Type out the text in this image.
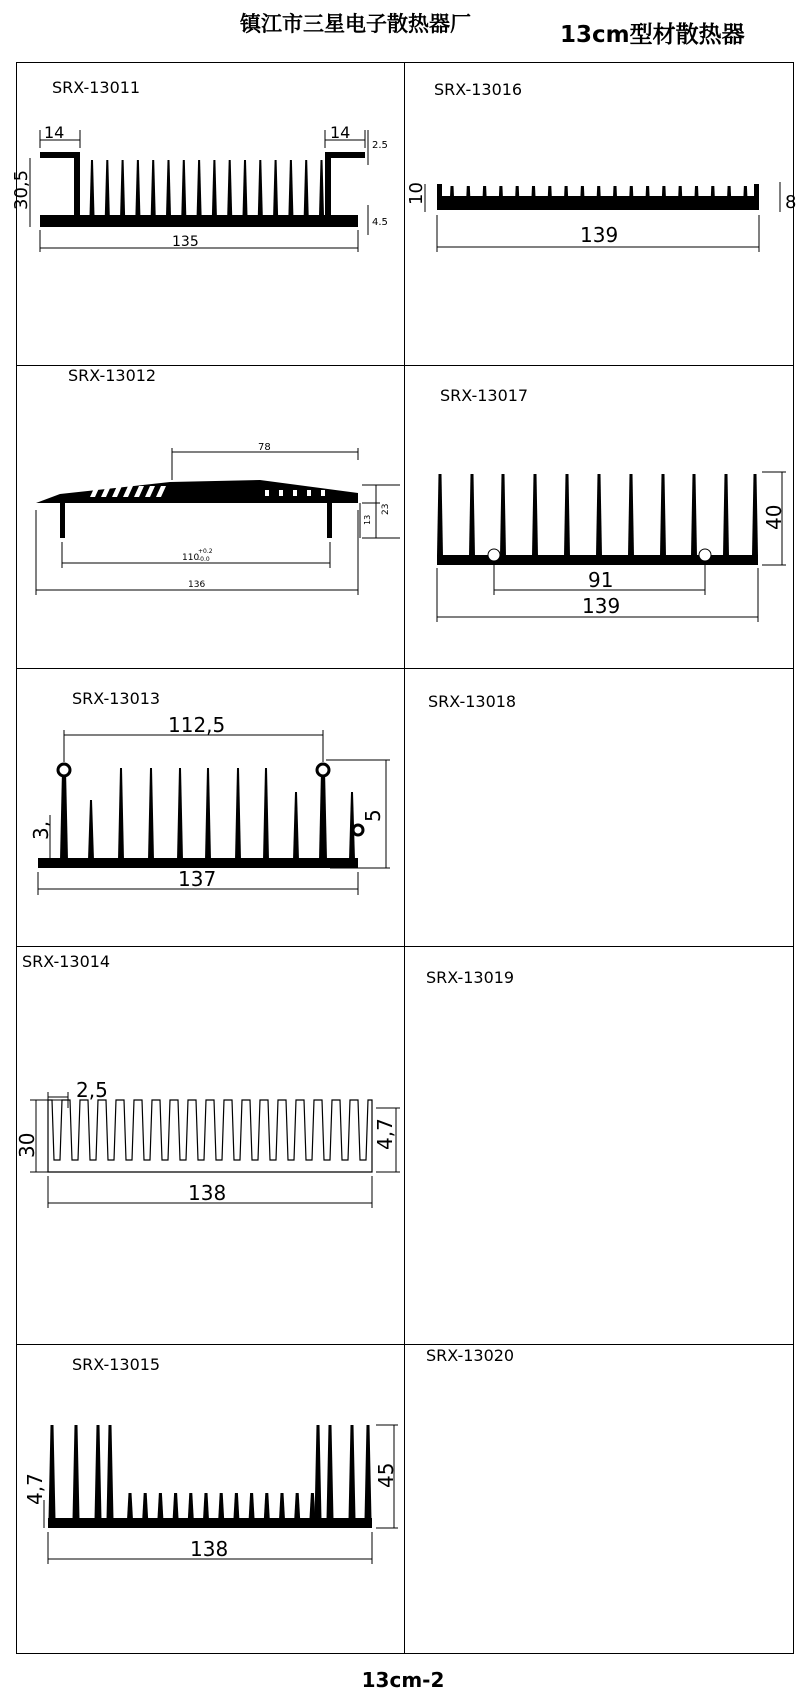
镇江市三星电子散热器厂	13cm型材散热器
SRX-13011
14	14
2.5
4.5
30,5
135
SRX-13016
10	8
139
SRX-13012
78
110
+0.2
-0.0
136
23
13
SRX-13017
91
139
40
SRX-13013
112,5
3,
5
137
SRX-13018
SRX-13014
2,5
30	4,7
138
SRX-13019
SRX-13015
4,7	45
138
SRX-13020
13cm-2
